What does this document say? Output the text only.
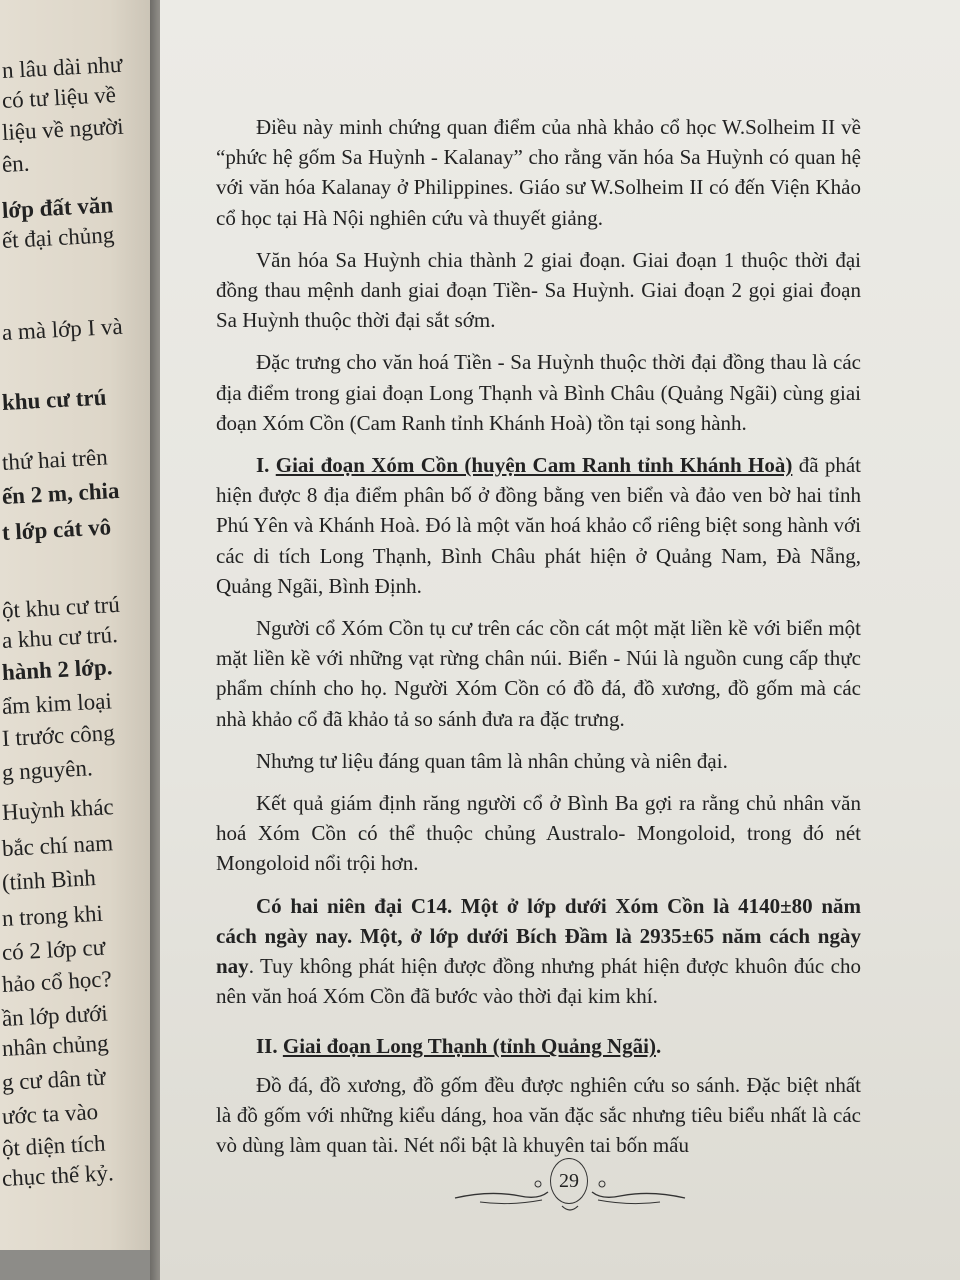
n lâu dài như
có tư liệu về
liệu về người
ên.
lớp đất văn
ết đại chủng
a mà lớp I và
khu cư trú
thứ hai trên
ến 2 m, chia
t lớp cát vô
ột khu cư trú
a khu cư trú.
hành 2 lớp.
ẩm kim loại
I trước công
g nguyên.
Huỳnh khác
bắc chí nam
(tỉnh Bình
n trong khi
có 2 lớp cư
hảo cổ học?
ần lớp dưới
nhân chủng
g cư dân từ
ước ta vào
ột diện tích
chục thế kỷ.

Điều này minh chứng quan điểm của nhà khảo cổ học W.Solheim II về “phức hệ gốm Sa Huỳnh - Kalanay” cho rằng văn hóa Sa Huỳnh có quan hệ với văn hóa Kalanay ở Philippines. Giáo sư W.Solheim II có đến Viện Khảo cổ học tại Hà Nội nghiên cứu và thuyết giảng.

Văn hóa Sa Huỳnh chia thành 2 giai đoạn. Giai đoạn 1 thuộc thời đại đồng thau mệnh danh giai đoạn Tiền- Sa Huỳnh. Giai đoạn 2 gọi giai đoạn Sa Huỳnh thuộc thời đại sắt sớm.

Đặc trưng cho văn hoá Tiền - Sa Huỳnh thuộc thời đại đồng thau là các địa điểm trong giai đoạn Long Thạnh và Bình Châu (Quảng Ngãi) cùng giai đoạn Xóm Cồn (Cam Ranh tỉnh Khánh Hoà) tồn tại song hành.

I. Giai đoạn Xóm Cồn (huyện Cam Ranh tỉnh Khánh Hoà) đã phát hiện được 8 địa điểm phân bố ở đồng bằng ven biển và đảo ven bờ hai tỉnh Phú Yên và Khánh Hoà. Đó là một văn hoá khảo cổ riêng biệt song hành với các di tích Long Thạnh, Bình Châu phát hiện ở Quảng Nam, Đà Nẵng, Quảng Ngãi, Bình Định.

Người cổ Xóm Cồn tụ cư trên các cồn cát một mặt liền kề với biển một mặt liền kề với những vạt rừng chân núi. Biển - Núi là nguồn cung cấp thực phẩm chính cho họ. Người Xóm Cồn có đồ đá, đồ xương, đồ gốm mà các nhà khảo cổ đã khảo tả so sánh đưa ra đặc trưng.

Nhưng tư liệu đáng quan tâm là nhân chủng và niên đại.

Kết quả giám định răng người cổ ở Bình Ba gợi ra rằng chủ nhân văn hoá Xóm Cồn có thể thuộc chủng Australo- Mongoloid, trong đó nét Mongoloid nổi trội hơn.

Có hai niên đại C14. Một ở lớp dưới Xóm Cồn là 4140±80 năm cách ngày nay. Một, ở lớp dưới Bích Đầm là 2935±65 năm cách ngày nay. Tuy không phát hiện được đồng nhưng phát hiện được khuôn đúc cho nên văn hoá Xóm Cồn đã bước vào thời đại kim khí.

II. Giai đoạn Long Thạnh (tỉnh Quảng Ngãi).

Đồ đá, đồ xương, đồ gốm đều được nghiên cứu so sánh. Đặc biệt nhất là đồ gốm với những kiểu dáng, hoa văn đặc sắc nhưng tiêu biểu nhất là các vò dùng làm quan tài. Nét nổi bật là khuyên tai bốn mấu

29
